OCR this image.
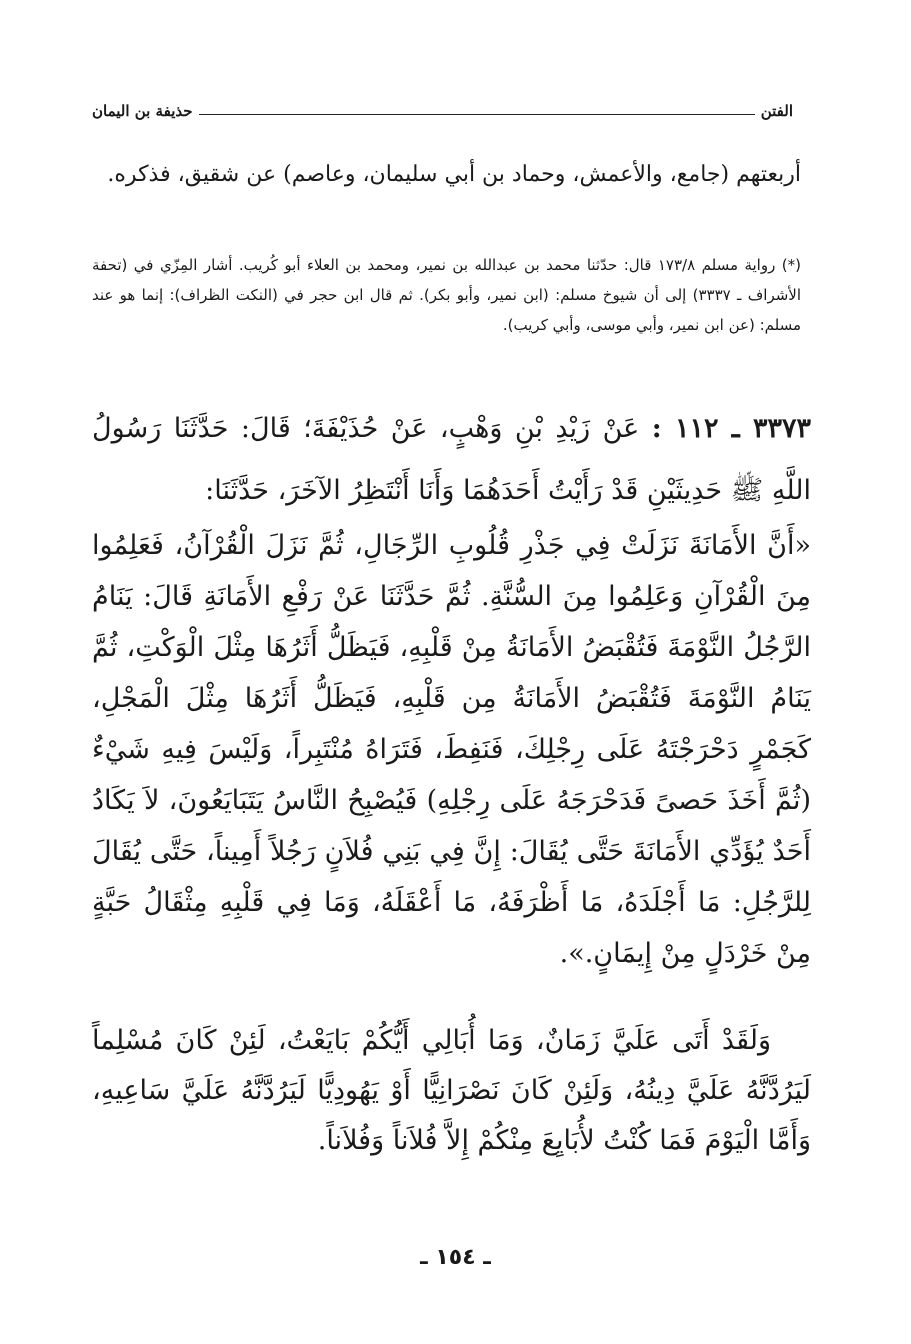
الفتن
حذيفة بن اليمان
أربعتهم (جامع، والأعمش، وحماد بن أبي سليمان، وعاصم) عن شقيق، فذكره.
(*) رواية مسلم ١٧٣/٨ قال: حدّثنا محمد بن عبدالله بن نمير، ومحمد بن العلاء أبو كُريب. أشار المِزّي في (تحفة الأشراف ـ ٣٣٣٧) إلى أن شيوخ مسلم: (ابن نمير، وأبو بكر). ثم قال ابن حجر في (النكت الظراف): إنما هو عند مسلم: (عن ابن نمير، وأبي موسى، وأبي كريب).
٣٣٧٣ ـ ١١٢ : عَنْ زَيْدِ بْنِ وَهْبٍ، عَنْ حُذَيْفَةَ؛ قَالَ: حَدَّثَنَا رَسُولُ اللَّهِ ﷺ حَدِيثَيْنِ قَدْ رَأَيْتُ أَحَدَهُمَا وَأَنَا أَنْتَظِرُ الآخَرَ، حَدَّثَنَا:
«أَنَّ الأَمَانَةَ نَزَلَتْ فِي جَذْرِ قُلُوبِ الرِّجَالِ، ثُمَّ نَزَلَ الْقُرْآنُ، فَعَلِمُوا مِنَ الْقُرْآنِ وَعَلِمُوا مِنَ السُّنَّةِ. ثُمَّ حَدَّثَنَا عَنْ رَفْعِ الأَمَانَةِ قَالَ: يَنَامُ الرَّجُلُ النَّوْمَةَ فَتُقْبَضُ الأَمَانَةُ مِنْ قَلْبِهِ، فَيَظَلُّ أَثَرُهَا مِثْلَ الْوَكْتِ، ثُمَّ يَنَامُ النَّوْمَةَ فَتُقْبَضُ الأَمَانَةُ مِن قَلْبِهِ، فَيَظَلُّ أَثَرُهَا مِثْلَ الْمَجْلِ، كَجَمْرٍ دَحْرَجْتَهُ عَلَى رِجْلِكَ، فَنَفِطَ، فَتَرَاهُ مُنْتَبِراً، وَلَيْسَ فِيهِ شَيْءٌ (ثُمَّ أَخَذَ حَصىً فَدَحْرَجَهُ عَلَى رِجْلِهِ) فَيُصْبِحُ النَّاسُ يَتَبَايَعُونَ، لاَ يَكَادُ أَحَدٌ يُؤَدِّي الأَمَانَةَ حَتَّى يُقَالَ: إِنَّ فِي بَنِي فُلاَنٍ رَجُلاً أَمِيناً، حَتَّى يُقَالَ لِلرَّجُلِ: مَا أَجْلَدَهُ، مَا أَظْرَفَهُ، مَا أَعْقَلَهُ، وَمَا فِي قَلْبِهِ مِثْقَالُ حَبَّةٍ مِنْ خَرْدَلٍ مِنْ إِيمَانٍ.».

وَلَقَدْ أَتَى عَلَيَّ زَمَانٌ، وَمَا أُبَالِي أَيُّكُمْ بَايَعْتُ، لَئِنْ كَانَ مُسْلِماً لَيَرُدَّنَّهُ عَلَيَّ دِينُهُ، وَلَئِنْ كَانَ نَصْرَانِيًّا أَوْ يَهُودِيًّا لَيَرُدَّنَّهُ عَلَيَّ سَاعِيهِ، وَأَمَّا الْيَوْمَ فَمَا كُنْتُ لأُبَايِعَ مِنْكُمْ إِلاَّ فُلاَناً وَفُلاَناً.

ـ ١٥٤ ـ
